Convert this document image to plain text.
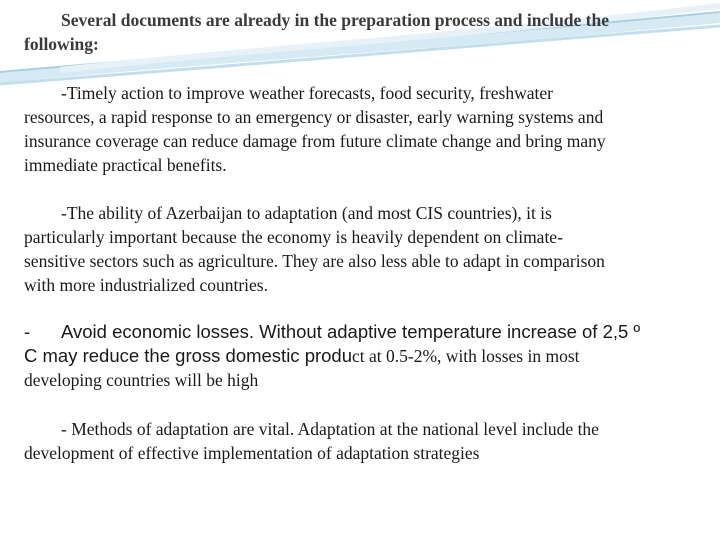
Several documents are already in the preparation process and include the
following:
-Timely action to improve weather forecasts, food security, freshwater
resources, a rapid response to an emergency or disaster, early warning systems and
insurance coverage can reduce damage from future climate change and bring many
immediate practical benefits.
-The ability of Azerbaijan to adaptation (and most CIS countries), it is
particularly important because the economy is heavily dependent on climate-
sensitive sectors such as agriculture. They are also less able to adapt in comparison
with more industrialized countries.
- Avoid economic losses. Without adaptive temperature increase of 2,5 º
C may reduce the gross domestic product at 0.5-2%, with losses in most
developing countries will be high
- Methods of adaptation are vital. Adaptation at the national level include the
development of effective implementation of adaptation strategies
